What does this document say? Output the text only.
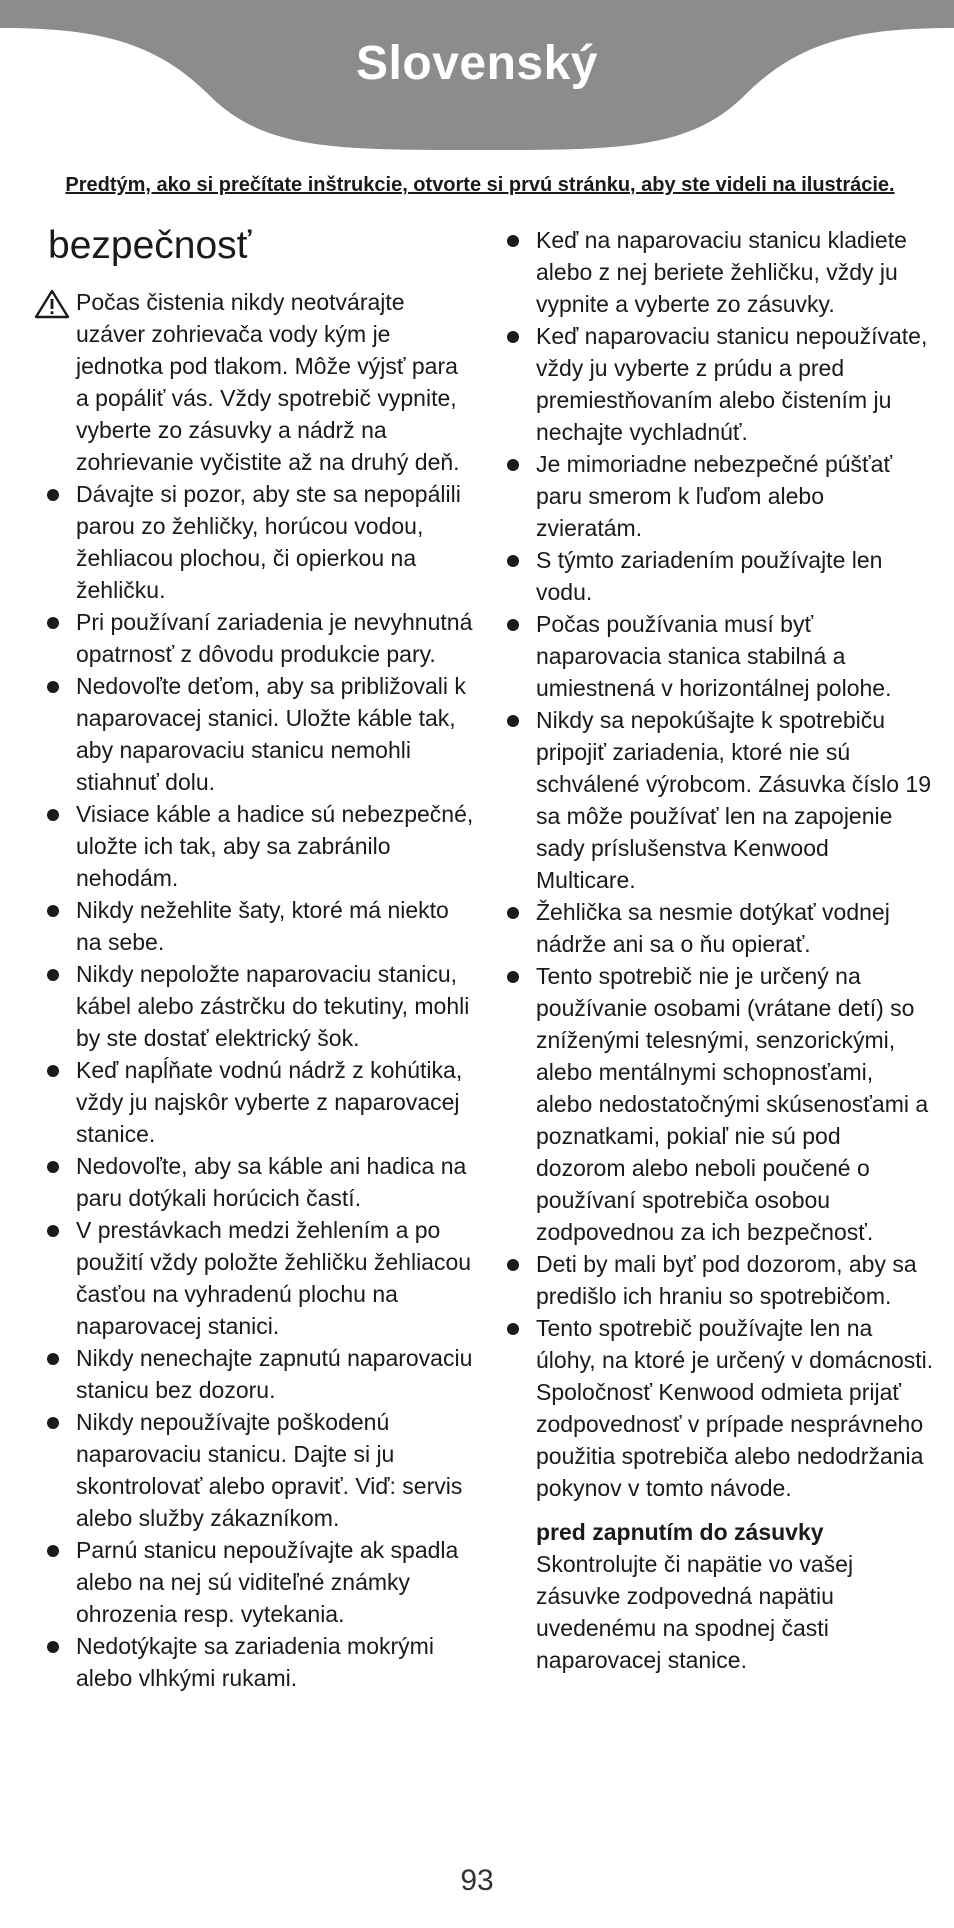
Slovenský
Predtým, ako si prečítate inštrukcie, otvorte si prvú stránku, aby ste videli na ilustrácie.
bezpečnosť
Počas čistenia nikdy neotvárajte uzáver zohrievača vody kým je jednotka pod tlakom. Môže výjsť para a popáliť vás. Vždy spotrebič vypnite, vyberte zo zásuvky a nádrž na zohrievanie vyčistite až na druhý deň.
Dávajte si pozor, aby ste sa nepopálili parou zo žehličky, horúcou vodou, žehliacou plochou, či opierkou na žehličku.
Pri používaní zariadenia je nevyhnutná opatrnosť z dôvodu produkcie pary.
Nedovoľte deťom, aby sa približovali k naparovacej stanici. Uložte káble tak, aby naparovaciu stanicu nemohli stiahnuť dolu.
Visiace káble a hadice sú nebezpečné, uložte ich tak, aby sa zabránilo nehodám.
Nikdy nežehlite šaty, ktoré má niekto na sebe.
Nikdy nepoložte naparovaciu stanicu, kábel alebo zástrčku do tekutiny, mohli by ste dostať elektrický šok.
Keď napĺňate vodnú nádrž z kohútika, vždy ju najskôr vyberte z naparovacej stanice.
Nedovoľte, aby sa káble ani hadica na paru dotýkali horúcich častí.
V prestávkach medzi žehlením a po použití vždy položte žehličku žehliacou časťou na vyhradenú plochu na naparovacej stanici.
Nikdy nenechajte zapnutú naparovaciu stanicu bez dozoru.
Nikdy nepoužívajte poškodenú naparovaciu stanicu. Dajte si ju skontrolovať alebo opraviť. Viď: servis alebo služby zákazníkom.
Parnú stanicu nepoužívajte ak spadla alebo na nej sú viditeľné známky ohrozenia resp. vytekania.
Nedotýkajte sa zariadenia mokrými alebo vlhkými rukami.
Keď na naparovaciu stanicu kladiete alebo z nej beriete žehličku, vždy ju vypnite a vyberte zo zásuvky.
Keď naparovaciu stanicu nepoužívate, vždy ju vyberte z prúdu a pred premiestňovaním alebo čistením ju nechajte vychladnúť.
Je mimoriadne nebezpečné púšťať paru smerom k ľuďom alebo zvieratám.
S týmto zariadením používajte len vodu.
Počas používania musí byť naparovacia stanica stabilná a umiestnená v horizontálnej polohe.
Nikdy sa nepokúšajte k spotrebiču pripojiť zariadenia, ktoré nie sú schválené výrobcom. Zásuvka číslo 19 sa môže používať len na zapojenie sady príslušenstva Kenwood Multicare.
Žehlička sa nesmie dotýkať vodnej nádrže ani sa o ňu opierať.
Tento spotrebič nie je určený na používanie osobami (vrátane detí) so zníženými telesnými, senzorickými, alebo mentálnymi schopnosťami, alebo nedostatočnými skúsenosťami a poznatkami, pokiaľ nie sú pod dozorom alebo neboli poučené o používaní spotrebiča osobou zodpovednou za ich bezpečnosť.
Deti by mali byť pod dozorom, aby sa predišlo ich hraniu so spotrebičom.
Tento spotrebič používajte len na úlohy, na ktoré je určený v domácnosti. Spoločnosť Kenwood odmieta prijať zodpovednosť v prípade nesprávneho použitia spotrebiča alebo nedodržania pokynov v tomto návode.
pred zapnutím do zásuvky
Skontrolujte či napätie vo vašej zásuvke zodpovedná napätiu uvedenému na spodnej časti naparovacej stanice.
93
